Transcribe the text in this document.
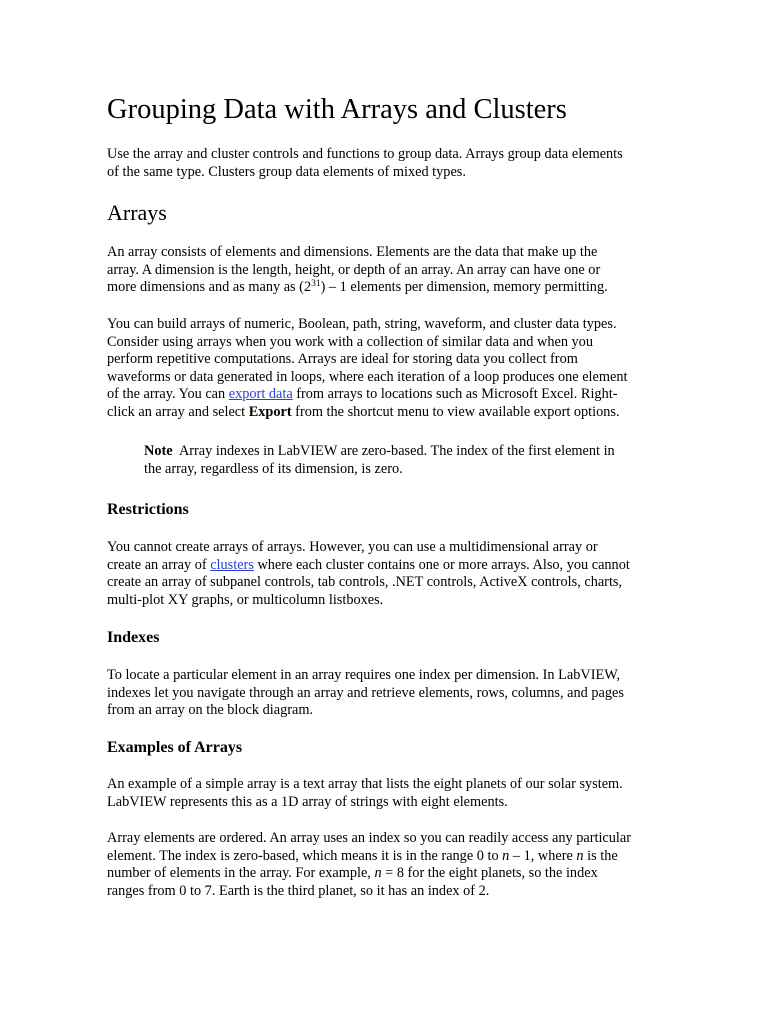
Grouping Data with Arrays and Clusters

Use the array and cluster controls and functions to group data. Arrays group data elements
of the same type. Clusters group data elements of mixed types.

Arrays

An array consists of elements and dimensions. Elements are the data that make up the
array. A dimension is the length, height, or depth of an array. An array can have one or
more dimensions and as many as $(2^{31}) - 1$ elements per dimension, memory permitting.

You can build arrays of numeric, Boolean, path, string, waveform, and cluster data types.
Consider using arrays when you work with a collection of similar data and when you
perform repetitive computations. Arrays are ideal for storing data you collect from
waveforms or data generated in loops, where each iteration of a loop produces one element
of the array. You can export data from arrays to locations such as Microsoft Excel. Right-
click an array and select Export from the shortcut menu to view available export options.

Note  Array indexes in LabVIEW are zero-based. The index of the first element in
the array, regardless of its dimension, is zero.

Restrictions

You cannot create arrays of arrays. However, you can use a multidimensional array or
create an array of clusters where each cluster contains one or more arrays. Also, you cannot
create an array of subpanel controls, tab controls, .NET controls, ActiveX controls, charts,
multi-plot XY graphs, or multicolumn listboxes.

Indexes

To locate a particular element in an array requires one index per dimension. In LabVIEW,
indexes let you navigate through an array and retrieve elements, rows, columns, and pages
from an array on the block diagram.

Examples of Arrays

An example of a simple array is a text array that lists the eight planets of our solar system.
LabVIEW represents this as a 1D array of strings with eight elements.

Array elements are ordered. An array uses an index so you can readily access any particular
element. The index is zero-based, which means it is in the range 0 to n – 1, where n is the
number of elements in the array. For example, n = 8 for the eight planets, so the index
ranges from 0 to 7. Earth is the third planet, so it has an index of 2.
